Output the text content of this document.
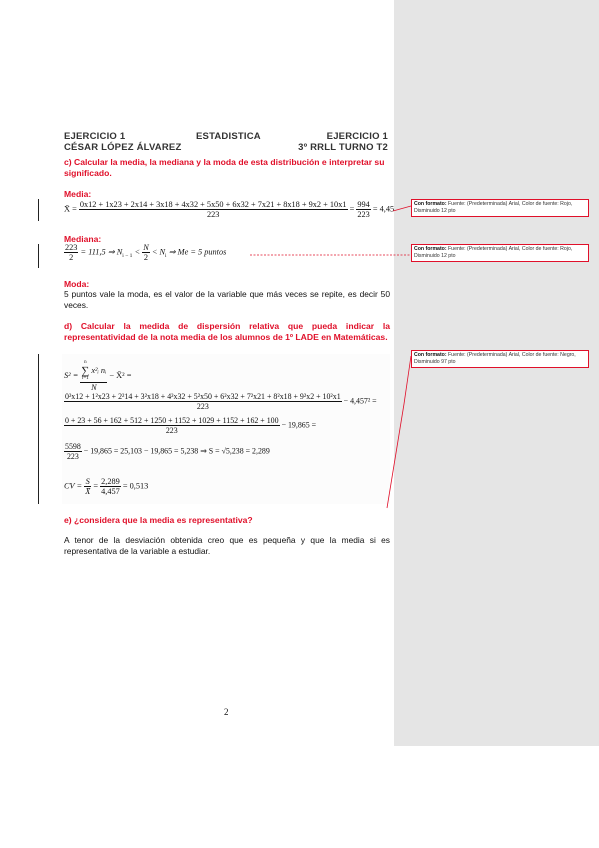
EJERCICIO 1	ESTADISTICA	EJERCICIO 1
CÉSAR LÓPEZ ÁLVAREZ	3º RRLL TURNO T2
c) Calcular la media, la mediana y la moda de esta distribución e interpretar su significado.
Media:
X̄ = 0x12 + 1x23 + 2x14 + 3x18 + 4x32 + 5x50 + 6x32 + 7x21 + 8x18 + 9x2 + 10x1
223
= $\frac{994}{223} = 4,45$
Mediana:
$\frac{223}{2} = 111,5$ ⇒ $N_{i - 1} < \frac{N}{2} < N_i$ ⇒ Me = 5 puntos
Moda:
5 puntos vale la moda, es el valor de la variable que más veces se repite, es decir 50 veces.
d) Calcular la medida de dispersión relativa que pueda indicar la representatividad de la nota media de los alumnos de 1º LADE en Matemáticas.
S² = n
∑
i=1
x²ᵢ nᵢ
N − X̄² =
0²x12 + 1²x23 + 2²14 + 3²x18 + 4²x32 + 5²x50 + 6²x32 + 7²x21 + 8²x18 + 9²x2 + 10²x1
223
− 4,457² =
0 + 23 + 56 + 162 + 512 + 1250 + 1152 + 1029 + 1152 + 162 + 100
223
− 19,865 =
$\frac{5598}{223} - 19,865 = 25,103 - 19,865 = 5,238$ ⇒ S = √5,238 = 2,289
CV = $\frac{S}{X̄} = \frac{2,289}{4,457} = 0,513$
e) ¿considera que la media es representativa?
A tenor de la desviación obtenida creo que es pequeña y que la media si es representativa de la variable a estudiar.
2
Con formato: Fuente: (Predeterminada) Arial, Color de fuente: Rojo, Disminuido 12 pto
Con formato: Fuente: (Predeterminada) Arial, Color de fuente: Rojo, Disminuido 12 pto
Con formato: Fuente: (Predeterminada) Arial, Color de fuente: Negro, Disminuido 97 pto
